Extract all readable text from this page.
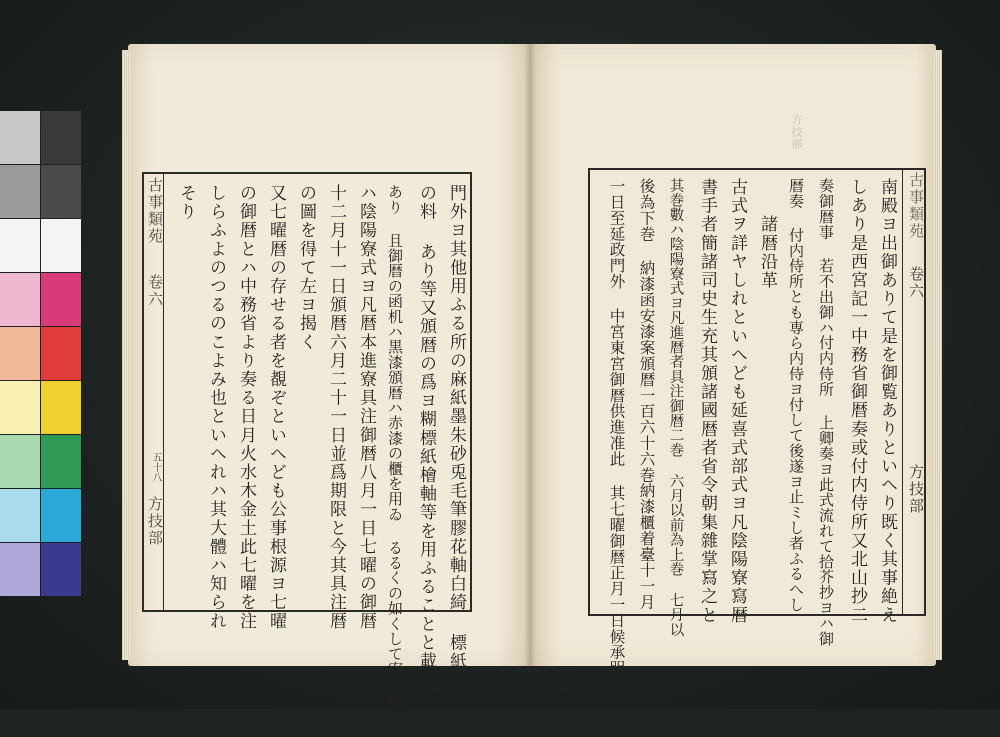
古事類苑
卷六
五十八
方技部	門外ヨ其他用ふる所の麻紙墨朱砂兎毛筆膠花軸白綺 標紙
の料 あり等又頒暦の爲ヨ糊標紙檜軸等を用ふることと載せ
あり 且御暦の函机ハ黒漆頒暦ハ赤漆の櫃を用ゐ るるくの如くして寮ヨ進むる
ハ陰陽寮式ヨ凡暦本進寮具注御暦八月一日七曜の御暦
十二月十一日頒暦六月二十一日並爲期限と今其具注暦
の圖を得て左ヨ揭く
又七曜暦の存せる者を覩ぞといへども公事根源ヨ七曜
の御暦とハ中務省より奏る日月火水木金土此七曜を注
しらふよのつるのこよみ也といへれハ其大體ハ知られ
そり
方技部
古事類苑
卷六
方技部
南殿ヨ出御ありて是を御覧ありといへり既く其事絶え
しあり是西宮記一中務省御暦奏或付内侍所又北山抄二
奏御暦事 若不出御ハ付内侍所 上卿奏ヨ此式流れて拾芥抄ヨハ御
暦奏 付内侍所とも専ら内侍ヨ付して後遂ヨ止ミし者ふるへし
　　諸暦沿革
古式ヲ詳ヤしれといへども延喜式部式ヨ凡陰陽寮寫暦
書手者簡諸司史生充其頒諸國暦者省令朝集雜掌寫之と
其巻數ハ陰陽寮式ヨ凡進暦者具注御暦二巻 六月以前為上巻 七月以
後為下巻 納漆函安漆案頒暦一百六十六巻納漆櫃着臺十一月
一日至延政門外 中宮東宮御暦供進准此 其七曜御暦正月一日候承明
